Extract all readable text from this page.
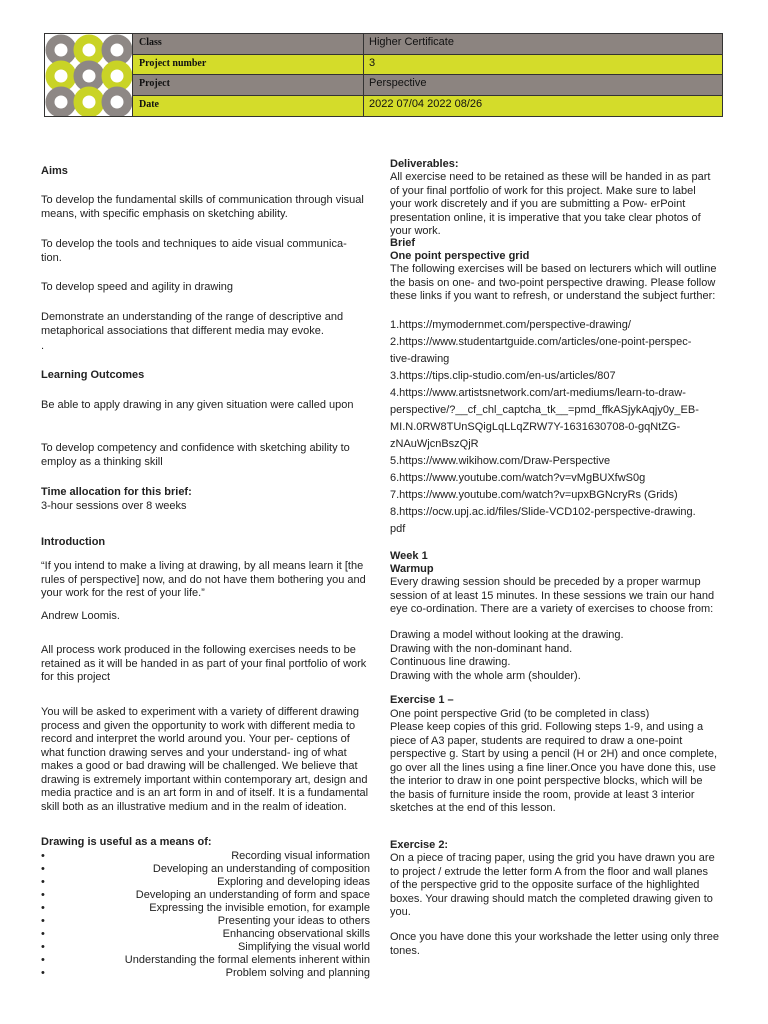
Class	Higher Certificate
Project number	3
Project	Perspective
Date	2022 07/04 2022 08/26
Aims
To develop the fundamental skills of communication through visual means, with specific emphasis on sketching ability.
To develop the tools and techniques to aide visual communica-
tion.
To develop speed and agility in drawing
Demonstrate an understanding of the range of descriptive and metaphorical associations that different media may evoke.
.
Learning Outcomes
Be able to apply drawing in any given situation were called upon
To develop competency and confidence with sketching ability to employ as a thinking skill
Time allocation for this brief:
3-hour sessions over 8 weeks
Introduction
“If you intend to make a living at drawing, by all means learn it [the rules of perspective] now, and do not have them bothering you and your work for the rest of your life.”
Andrew Loomis.
All process work produced in the following exercises needs to be retained as it will be handed in as part of your final portfolio of work for this project
You will be asked to experiment with a variety of different drawing process and given the opportunity to work with different media to record and interpret the world around you. Your per- ceptions of what function drawing serves and your understand- ing of what makes a good or bad drawing will be challenged. We believe that drawing is extremely important within contemporary art, design and media practice and is an art form in and of itself. It is a fundamental skill both as an illustrative medium and in the realm of ideation.
Drawing is useful as a means of:
•	Recording visual information
•	Developing an understanding of composition
•	Exploring and developing ideas
•	Developing an understanding of form and space
•	Expressing the invisible emotion, for example
•	Presenting your ideas to others
•	Enhancing observational skills
•	Simplifying the visual world
•	Understanding the formal elements inherent within
•	Problem solving and planning
Deliverables:
All exercise need to be retained as these will be handed in as part of your final portfolio of work for this project. Make sure to label your work discretely and if you are submitting a Pow- erPoint presentation online, it is imperative that you take clear photos of your work.
Brief
One point perspective grid
The following exercises will be based on lecturers which will outline the basis on one- and two-point perspective drawing. Please follow these links if you want to refresh, or understand the subject further:
1.https://mymodernmet.com/perspective-drawing/
2.https://www.studentartguide.com/articles/one-point-perspec-
tive-drawing
3.https://tips.clip-studio.com/en-us/articles/807
4.https://www.artistsnetwork.com/art-mediums/learn-to-draw-
perspective/?__cf_chl_captcha_tk__=pmd_ffkASjykAqjy0y_EB-
MI.N.0RW8TUnSQigLqLLqZRW7Y-1631630708-0-gqNtZG-
zNAuWjcnBszQjR
5.https://www.wikihow.com/Draw-Perspective
6.https://www.youtube.com/watch?v=vMgBUXfwS0g
7.https://www.youtube.com/watch?v=upxBGNcryRs (Grids)
8.https://ocw.upj.ac.id/files/Slide-VCD102-perspective-drawing.
pdf
Week 1
Warmup
Every drawing session should be preceded by a proper warmup session of at least 15 minutes. In these sessions we train our hand eye co-ordination. There are a variety of exercises to choose from:
Drawing a model without looking at the drawing.
Drawing with the non-dominant hand.
Continuous line drawing.
Drawing with the whole arm (shoulder).
Exercise 1 –
One point perspective Grid (to be completed in class)
Please keep copies of this grid. Following steps 1-9, and using a piece of A3 paper, students are required to draw a one-point perspective g. Start by using a pencil (H or 2H) and once complete, go over all the lines using a fine liner.Once you have done this, use the interior to draw in one point perspective blocks, which will be the basis of furniture inside the room, provide at least 3 interior sketches at the end of this lesson.
Exercise 2:
On a piece of tracing paper, using the grid you have drawn you are to project / extrude the letter form A from the floor and wall planes of the perspective grid to the opposite surface of the highlighted boxes. Your drawing should match the completed drawing given to you.
Once you have done this your workshade the letter using only three tones.
